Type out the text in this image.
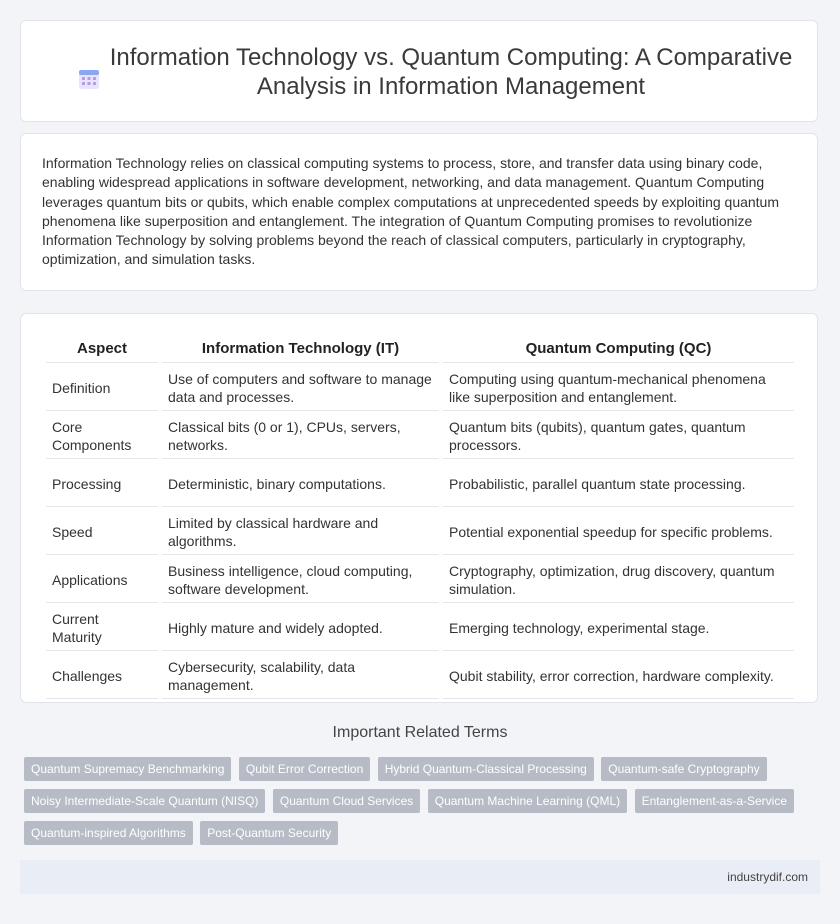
Information Technology vs. Quantum Computing: A Comparative Analysis in Information Management
Information Technology relies on classical computing systems to process, store, and transfer data using binary code, enabling widespread applications in software development, networking, and data management. Quantum Computing leverages quantum bits or qubits, which enable complex computations at unprecedented speeds by exploiting quantum phenomena like superposition and entanglement. The integration of Quantum Computing promises to revolutionize Information Technology by solving problems beyond the reach of classical computers, particularly in cryptography, optimization, and simulation tasks.
Aspect	Information Technology (IT)	Quantum Computing (QC)
Definition	Use of computers and software to manage data and processes.	Computing using quantum-mechanical phenomena like superposition and entanglement.
Core Components	Classical bits (0 or 1), CPUs, servers, networks.	Quantum bits (qubits), quantum gates, quantum processors.
Processing	Deterministic, binary computations.	Probabilistic, parallel quantum state processing.
Speed	Limited by classical hardware and algorithms.	Potential exponential speedup for specific problems.
Applications	Business intelligence, cloud computing, software development.	Cryptography, optimization, drug discovery, quantum simulation.
Current Maturity	Highly mature and widely adopted.	Emerging technology, experimental stage.
Challenges	Cybersecurity, scalability, data management.	Qubit stability, error correction, hardware complexity.
Important Related Terms
Quantum Supremacy Benchmarking Qubit Error Correction Hybrid Quantum-Classical Processing Quantum-safe Cryptography Noisy Intermediate-Scale Quantum (NISQ) Quantum Cloud Services Quantum Machine Learning (QML) Entanglement-as-a-Service Quantum-inspired Algorithms Post-Quantum Security
industrydif.com
